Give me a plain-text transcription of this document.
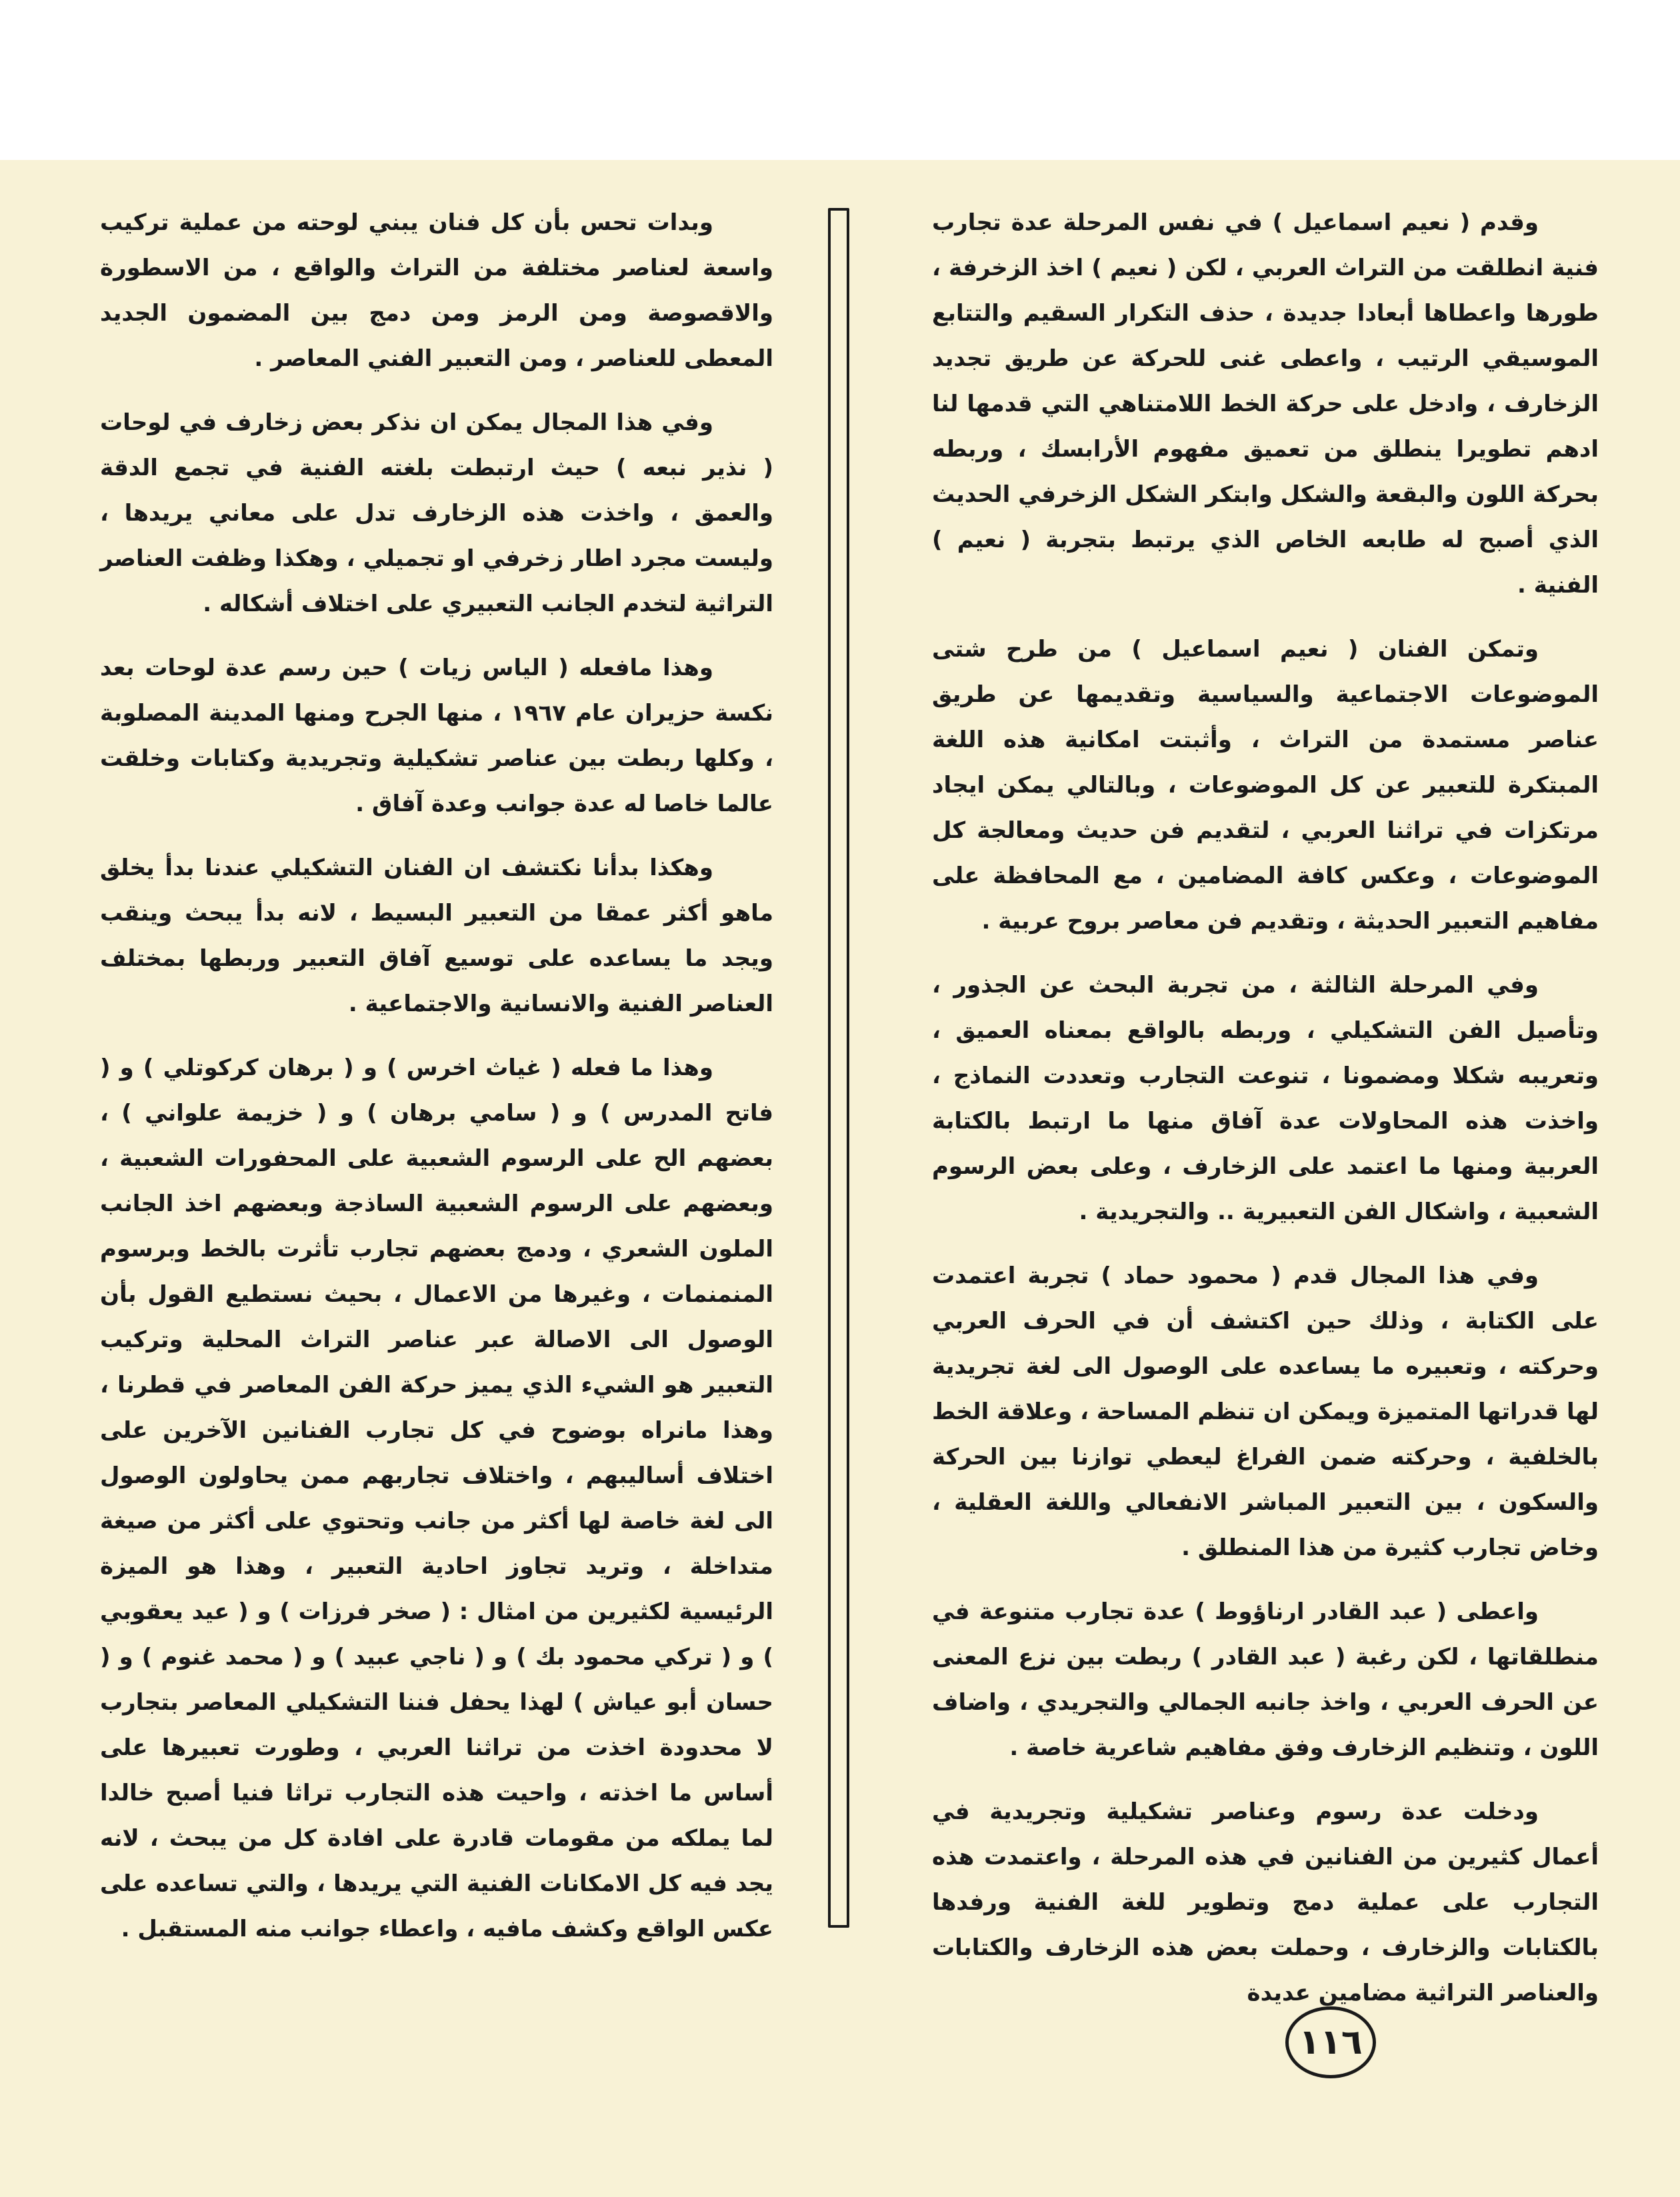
وقدم ( نعيم اسماعيل ) في نفس المرحلة عدة تجارب فنية انطلقت من التراث العربي ، لكن ( نعيم ) اخذ الزخرفة ، طورها واعطاها أبعادا جديدة ، حذف التكرار السقيم والتتابع الموسيقي الرتيب ، واعطى غنى للحركة عن طريق تجديد الزخارف ، وادخل على حركة الخط اللامتناهي التي قدمها لنا ادهم تطويرا ينطلق من تعميق مفهوم الأرابسك ، وربطه بحركة اللون والبقعة والشكل وابتكر الشكل الزخرفي الحديث الذي أصبح له طابعه الخاص الذي يرتبط بتجربة ( نعيم ) الفنية .

وتمكن الفنان ( نعيم اسماعيل ) من طرح شتى الموضوعات الاجتماعية والسياسية وتقديمها عن طريق عناصر مستمدة من التراث ، وأثبتت امكانية هذه اللغة المبتكرة للتعبير عن كل الموضوعات ، وبالتالي يمكن ايجاد مرتكزات في تراثنا العربي ، لتقديم فن حديث ومعالجة كل الموضوعات ، وعكس كافة المضامين ، مع المحافظة على مفاهيم التعبير الحديثة ، وتقديم فن معاصر بروح عربية .

وفي المرحلة الثالثة ، من تجربة البحث عن الجذور ، وتأصيل الفن التشكيلي ، وربطه بالواقع بمعناه العميق ، وتعريبه شكلا ومضمونا ، تنوعت التجارب وتعددت النماذج ، واخذت هذه المحاولات عدة آفاق منها ما ارتبط بالكتابة العربية ومنها ما اعتمد على الزخارف ، وعلى بعض الرسوم الشعبية ، واشكال الفن التعبيرية .. والتجريدية .

وفي هذا المجال قدم ( محمود حماد ) تجربة اعتمدت على الكتابة ، وذلك حين اكتشف أن في الحرف العربي وحركته ، وتعبيره ما يساعده على الوصول الى لغة تجريدية لها قدراتها المتميزة ويمكن ان تنظم المساحة ، وعلاقة الخط بالخلفية ، وحركته ضمن الفراغ ليعطي توازنا بين الحركة والسكون ، بين التعبير المباشر الانفعالي واللغة العقلية ، وخاض تجارب كثيرة من هذا المنطلق .

واعطى ( عبد القادر ارناؤوط ) عدة تجارب متنوعة في منطلقاتها ، لكن رغبة ( عبد القادر ) ربطت بين نزع المعنى عن الحرف العربي ، واخذ جانبه الجمالي والتجريدي ، واضاف اللون ، وتنظيم الزخارف وفق مفاهيم شاعرية خاصة .

ودخلت عدة رسوم وعناصر تشكيلية وتجريدية في أعمال كثيرين من الفنانين في هذه المرحلة ، واعتمدت هذه التجارب على عملية دمج وتطوير للغة الفنية ورفدها بالكتابات والزخارف ، وحملت بعض هذه الزخارف والكتابات والعناصر التراثية مضامين عديدة

وبدات تحس بأن كل فنان يبني لوحته من عملية تركيب واسعة لعناصر مختلفة من التراث والواقع ، من الاسطورة والاقصوصة ومن الرمز ومن دمج بين المضمون الجديد المعطى للعناصر ، ومن التعبير الفني المعاصر .

وفي هذا المجال يمكن ان نذكر بعض زخارف في لوحات ( نذير نبعه ) حيث ارتبطت بلغته الفنية في تجمع الدقة والعمق ، واخذت هذه الزخارف تدل على معاني يريدها ، وليست مجرد اطار زخرفي او تجميلي ، وهكذا وظفت العناصر التراثية لتخدم الجانب التعبيري على اختلاف أشكاله .

وهذا مافعله ( الياس زيات ) حين رسم عدة لوحات بعد نكسة حزيران عام ١٩٦٧ ، منها الجرح ومنها المدينة المصلوبة ، وكلها ربطت بين عناصر تشكيلية وتجريدية وكتابات وخلقت عالما خاصا له عدة جوانب وعدة آفاق .

وهكذا بدأنا نكتشف ان الفنان التشكيلي عندنا بدأ يخلق ماهو أكثر عمقا من التعبير البسيط ، لانه بدأ يبحث وينقب ويجد ما يساعده على توسيع آفاق التعبير وربطها بمختلف العناصر الفنية والانسانية والاجتماعية .

وهذا ما فعله ( غياث اخرس ) و ( برهان كركوتلي ) و ( فاتح المدرس ) و ( سامي برهان ) و ( خزيمة علواني ) ، بعضهم الح على الرسوم الشعبية على المحفورات الشعبية ، وبعضهم على الرسوم الشعبية الساذجة وبعضهم اخذ الجانب الملون الشعري ، ودمج بعضهم تجارب تأثرت بالخط وبرسوم المنمنمات ، وغيرها من الاعمال ، بحيث نستطيع القول بأن الوصول الى الاصالة عبر عناصر التراث المحلية وتركيب التعبير هو الشيء الذي يميز حركة الفن المعاصر في قطرنا ، وهذا مانراه بوضوح في كل تجارب الفنانين الآخرين على اختلاف أساليبهم ، واختلاف تجاربهم ممن يحاولون الوصول الى لغة خاصة لها أكثر من جانب وتحتوي على أكثر من صيغة متداخلة ، وتريد تجاوز احادية التعبير ، وهذا هو الميزة الرئيسية لكثيرين من امثال : ( صخر فرزات ) و ( عيد يعقوبي ) و ( تركي محمود بك ) و ( ناجي عبيد ) و ( محمد غنوم ) و ( حسان أبو عياش ) لهذا يحفل فننا التشكيلي المعاصر بتجارب لا محدودة اخذت من تراثنا العربي ، وطورت تعبيرها على أساس ما اخذته ، واحيت هذه التجارب تراثا فنيا أصبح خالدا لما يملكه من مقومات قادرة على افادة كل من يبحث ، لانه يجد فيه كل الامكانات الفنية التي يريدها ، والتي تساعده على عكس الواقع وكشف مافيه ، واعطاء جوانب منه المستقبل .

١١٦
